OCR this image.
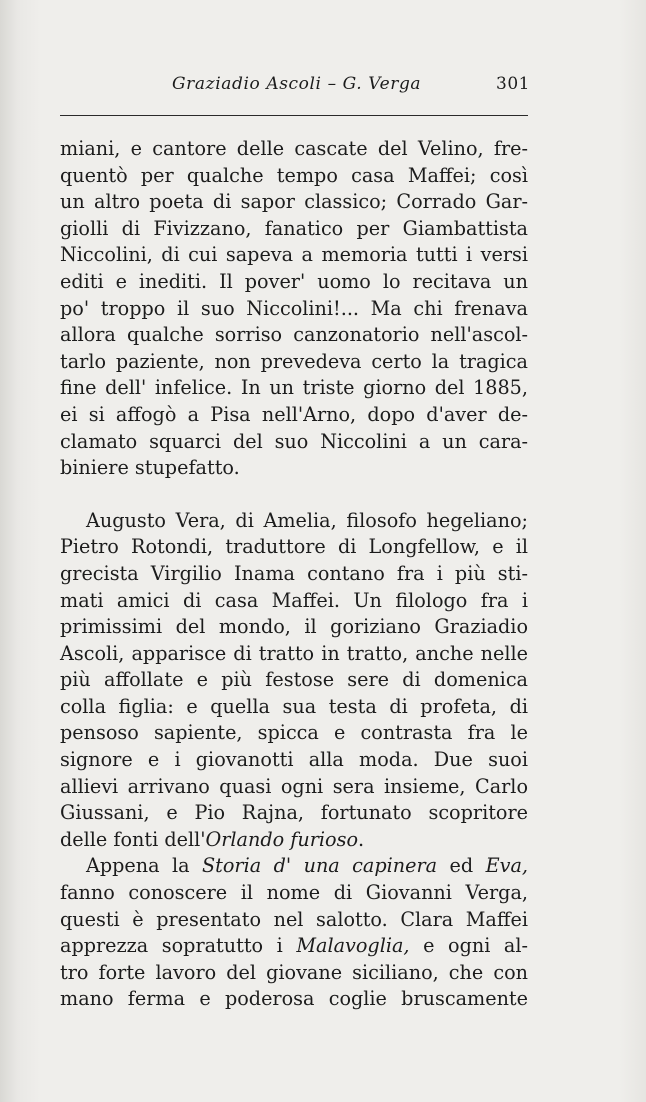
Graziadio Ascoli – G. Verga	301
miani, e cantore delle cascate del Velino, fre-
quentò per qualche tempo casa Maffei; così
un altro poeta di sapor classico; Corrado Gar-
giolli di Fivizzano, fanatico per Giambattista
Niccolini, di cui sapeva a memoria tutti i versi
editi e inediti. Il pover' uomo lo recitava un
po' troppo il suo Niccolini!... Ma chi frenava
allora qualche sorriso canzonatorio nell'ascol-
tarlo paziente, non prevedeva certo la tragica
fine dell' infelice. In un triste giorno del 1885,
ei si affogò a Pisa nell'Arno, dopo d'aver de-
clamato squarci del suo Niccolini a un cara-
biniere stupefatto.
Augusto Vera, di Amelia, filosofo hegeliano;
Pietro Rotondi, traduttore di Longfellow, e il
grecista Virgilio Inama contano fra i più sti-
mati amici di casa Maffei. Un filologo fra i
primissimi del mondo, il goriziano Graziadio
Ascoli, apparisce di tratto in tratto, anche nelle
più affollate e più festose sere di domenica
colla figlia: e quella sua testa di profeta, di
pensoso sapiente, spicca e contrasta fra le
signore e i giovanotti alla moda. Due suoi
allievi arrivano quasi ogni sera insieme, Carlo
Giussani, e Pio Rajna, fortunato scopritore
delle fonti dell'Orlando furioso.
Appena la Storia d' una capinera ed Eva,
fanno conoscere il nome di Giovanni Verga,
questi è presentato nel salotto. Clara Maffei
apprezza sopratutto i Malavoglia, e ogni al-
tro forte lavoro del giovane siciliano, che con
mano ferma e poderosa coglie bruscamente
